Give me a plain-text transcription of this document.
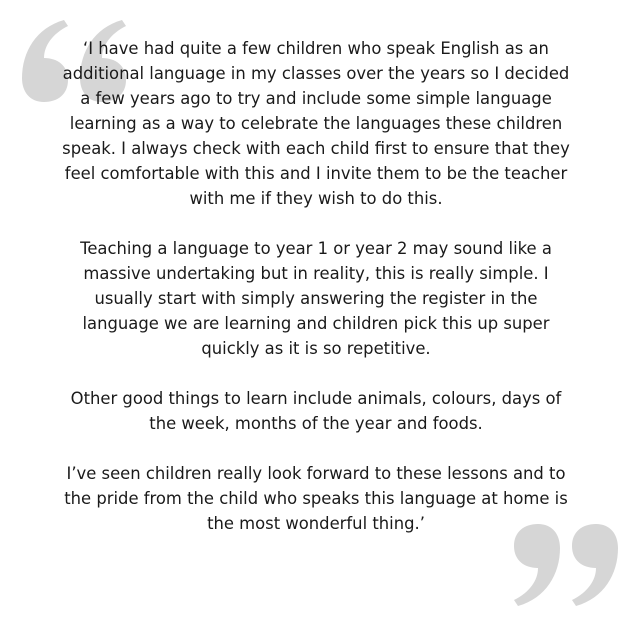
‘I have had quite a few children who speak English as an additional language in my classes over the years so I decided a few years ago to try and include some simple language learning as a way to celebrate the languages these children speak. I always check with each child first to ensure that they feel comfortable with this and I invite them to be the teacher with me if they wish to do this.

Teaching a language to year 1 or year 2 may sound like a massive undertaking but in reality, this is really simple. I usually start with simply answering the register in the language we are learning and children pick this up super quickly as it is so repetitive.

Other good things to learn include animals, colours, days of the week, months of the year and foods.

I’ve seen children really look forward to these lessons and to the pride from the child who speaks this language at home is the most wonderful thing.’
